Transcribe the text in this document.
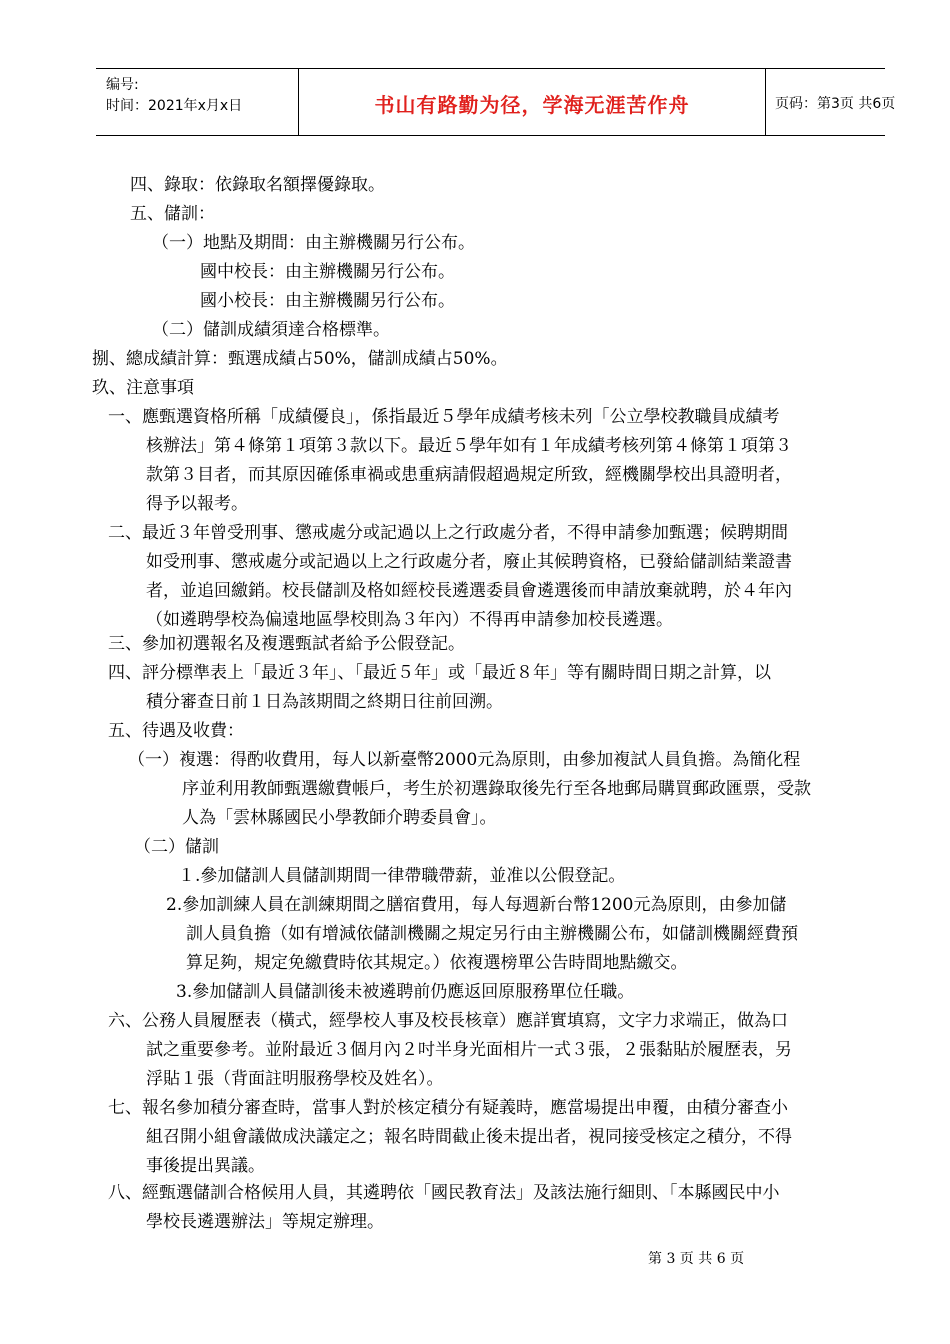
编号:
时间：2021年x月x日	书山有路勤为径，学海无涯苦作舟	页码：第3页 共6页
四、錄取：依錄取名額擇優錄取。
五、儲訓：
（一）地點及期間：由主辦機關另行公布。
國中校長：由主辦機關另行公布。
國小校長：由主辦機關另行公布。
（二）儲訓成績須達合格標準。
捌、總成績計算：甄選成績占50%，儲訓成績占50%。
玖、注意事項
一、應甄選資格所稱「成績優良」，係指最近５學年成績考核未列「公立學校教職員成績考
核辦法」第４條第１項第３款以下。最近５學年如有１年成績考核列第４條第１項第３
款第３目者，而其原因確係車禍或患重病請假超過規定所致，經機關學校出具證明者，
得予以報考。
二、最近３年曾受刑事、懲戒處分或記過以上之行政處分者，不得申請參加甄選；候聘期間
如受刑事、懲戒處分或記過以上之行政處分者，廢止其候聘資格，已發給儲訓結業證書
者，並追回繳銷。校長儲訓及格如經校長遴選委員會遴選後而申請放棄就聘，於４年內
（如遴聘學校為偏遠地區學校則為３年內）不得再申請參加校長遴選。
三、參加初選報名及複選甄試者給予公假登記。
四、評分標準表上「最近３年」、「最近５年」或「最近８年」等有關時間日期之計算，以
積分審查日前１日為該期間之終期日往前回溯。
五、待遇及收費：
（一）複選：得酌收費用，每人以新臺幣2000元為原則，由參加複試人員負擔。為簡化程
序並利用教師甄選繳費帳戶，考生於初選錄取後先行至各地郵局購買郵政匯票，受款
人為「雲林縣國民小學教師介聘委員會」。
（二）儲訓
１.參加儲訓人員儲訓期間一律帶職帶薪，並准以公假登記。
2.參加訓練人員在訓練期間之膳宿費用，每人每週新台幣1200元為原則，由參加儲
訓人員負擔（如有增減依儲訓機關之規定另行由主辦機關公布，如儲訓機關經費預
算足夠，規定免繳費時依其規定。）依複選榜單公告時間地點繳交。
3.參加儲訓人員儲訓後未被遴聘前仍應返回原服務單位任職。
六、公務人員履歷表（橫式，經學校人事及校長核章）應詳實填寫，文字力求端正，做為口
試之重要參考。並附最近３個月內２吋半身光面相片一式３張，２張黏貼於履歷表，另
浮貼１張（背面註明服務學校及姓名）。
七、報名參加積分審查時，當事人對於核定積分有疑義時，應當場提出申覆，由積分審查小
組召開小組會議做成決議定之；報名時間截止後未提出者，視同接受核定之積分，不得
事後提出異議。
八、經甄選儲訓合格候用人員，其遴聘依「國民教育法」及該法施行細則、「本縣國民中小
學校長遴選辦法」等規定辦理。
第 3 页 共 6 页
